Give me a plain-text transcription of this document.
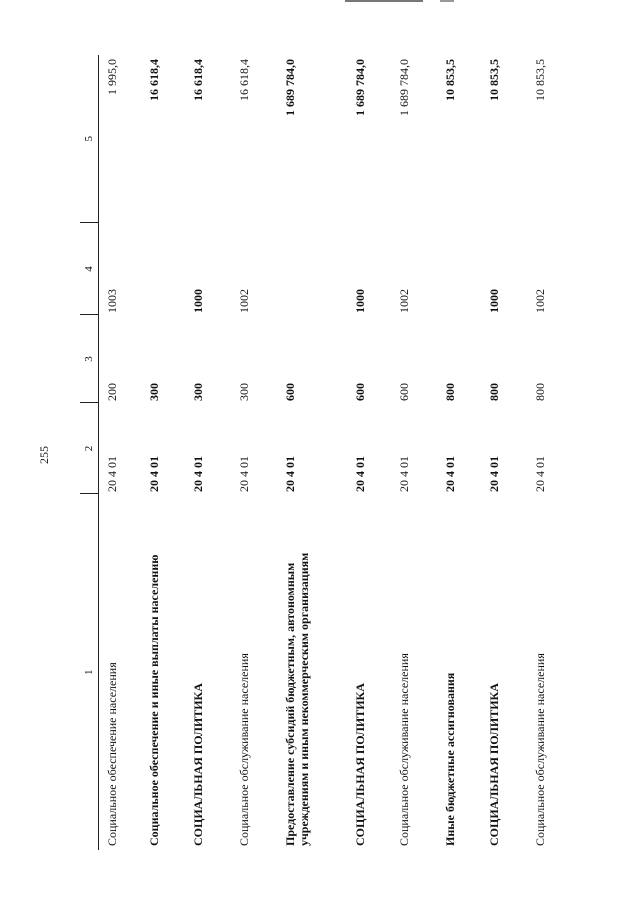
255
1	2	3	4	5
Социальное обеспечение населения	20 4 01	200	1003	1 995,0
Социальное обеспечение и иные выплаты населению	20 4 01	300		16 618,4
СОЦИАЛЬНАЯ ПОЛИТИКА	20 4 01	300	1000	16 618,4
Социальное обслуживание населения	20 4 01	300	1002	16 618,4
Предоставление субсидий бюджетным, автономным учреждениям и иным некоммерческим организациям	20 4 01	600		1 689 784,0
СОЦИАЛЬНАЯ ПОЛИТИКА	20 4 01	600	1000	1 689 784,0
Социальное обслуживание населения	20 4 01	600	1002	1 689 784,0
Иные бюджетные ассигнования	20 4 01	800		10 853,5
СОЦИАЛЬНАЯ ПОЛИТИКА	20 4 01	800	1000	10 853,5
Социальное обслуживание населения	20 4 01	800	1002	10 853,5
